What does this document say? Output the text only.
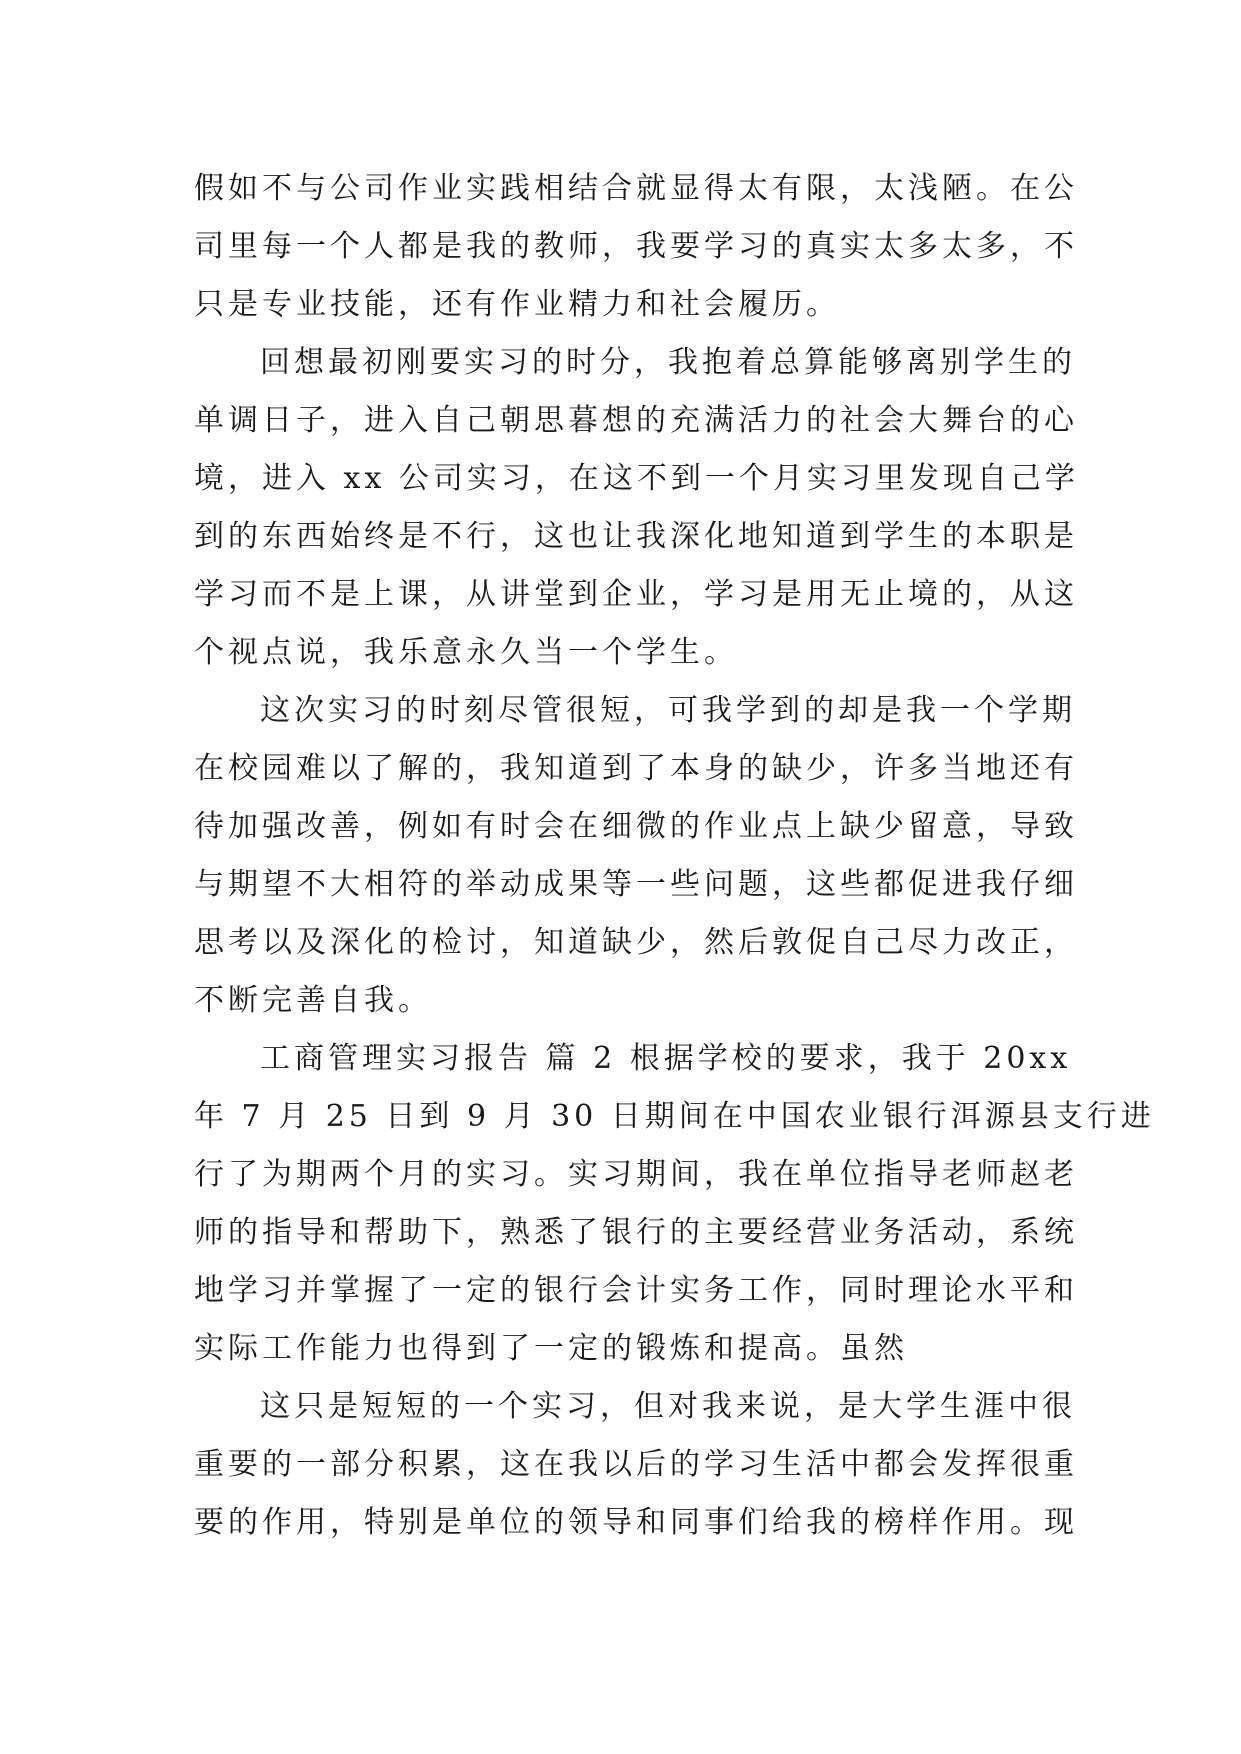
假如不与公司作业实践相结合就显得太有限，太浅陋。在公
司里每一个人都是我的教师，我要学习的真实太多太多，不
只是专业技能，还有作业精力和社会履历。
回想最初刚要实习的时分，我抱着总算能够离别学生的
单调日子，进入自己朝思暮想的充满活力的社会大舞台的心
境，进入 xx 公司实习，在这不到一个月实习里发现自己学
到的东西始终是不行，这也让我深化地知道到学生的本职是
学习而不是上课，从讲堂到企业，学习是用无止境的，从这
个视点说，我乐意永久当一个学生。
这次实习的时刻尽管很短，可我学到的却是我一个学期
在校园难以了解的，我知道到了本身的缺少，许多当地还有
待加强改善，例如有时会在细微的作业点上缺少留意，导致
与期望不大相符的举动成果等一些问题，这些都促进我仔细
思考以及深化的检讨，知道缺少，然后敦促自己尽力改正，
不断完善自我。
工商管理实习报告 篇 2 根据学校的要求，我于 20xx
年 7 月 25 日到 9 月 30 日期间在中国农业银行洱源县支行进
行了为期两个月的实习。实习期间，我在单位指导老师赵老
师的指导和帮助下，熟悉了银行的主要经营业务活动，系统
地学习并掌握了一定的银行会计实务工作，同时理论水平和
实际工作能力也得到了一定的锻炼和提高。虽然
这只是短短的一个实习，但对我来说，是大学生涯中很
重要的一部分积累，这在我以后的学习生活中都会发挥很重
要的作用，特别是单位的领导和同事们给我的榜样作用。现
